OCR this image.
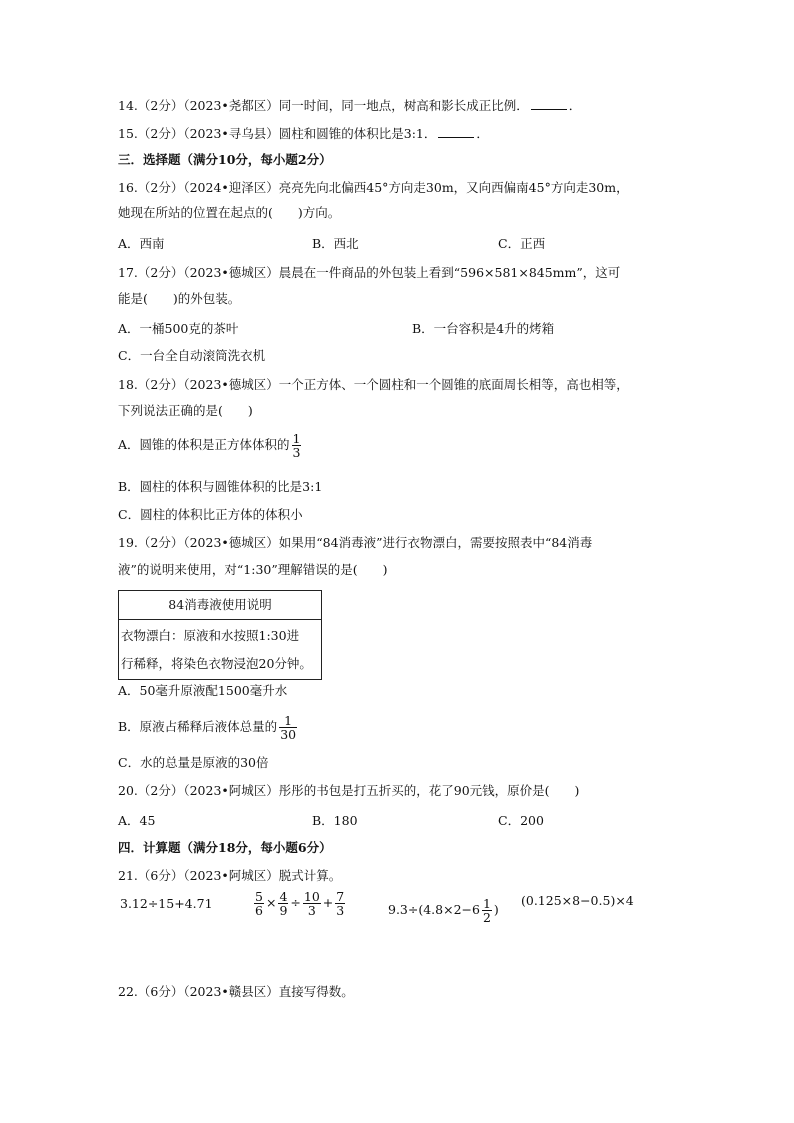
14.（2分）（2023•尧都区）同一时间，同一地点，树高和影长成正比例．	．
15.（2分）（2023•寻乌县）圆柱和圆锥的体积比是3:1．	．
三．选择题（满分10分，每小题2分）
16.（2分）（2024•迎泽区）亮亮先向北偏西45°方向走30m，又向西偏南45°方向走30m，
她现在所站的位置在起点的(　　)方向。
A．西南	B．西北	C．正西
17.（2分）（2023•德城区）晨晨在一件商品的外包装上看到“596×581×845mm”，这可
能是(　　)的外包装。
A．一桶500克的茶叶	B．一台容积是4升的烤箱
C．一台全自动滚筒洗衣机
18.（2分）（2023•德城区）一个正方体、一个圆柱和一个圆锥的底面周长相等，高也相等，
下列说法正确的是(　　)
A．圆锥的体积是正方体体积的 $\frac{1}{3}$
B．圆柱的体积与圆锥体积的比是3:1
C．圆柱的体积比正方体的体积小
19.（2分）（2023•德城区）如果用“84消毒液”进行衣物漂白，需要按照表中“84消毒
液”的说明来使用，对“1:30”理解错误的是(　　)
84消毒液使用说明
衣物漂白：原液和水按照1:30进
行稀释，将染色衣物浸泡20分钟。
A．50毫升原液配1500毫升水
B．原液占稀释后液体总量的 $\frac{1}{30}$
C．水的总量是原液的30倍
20.（2分）（2023•阿城区）彤彤的书包是打五折买的，花了90元钱，原价是(　　)
A．45	B．180	C．200
四．计算题（满分18分，每小题6分）
21.（6分）（2023•阿城区）脱式计算。
3.12÷15+4.71	$\frac{5}{6} \times \frac{4}{9} \div \frac{10}{3} + \frac{7}{3}$	$9.3\div(4.8\times 2-6 \frac{1}{2}$ )
(0.125×8−0.5)×4
22.（6分）（2023•赣县区）直接写得数。
